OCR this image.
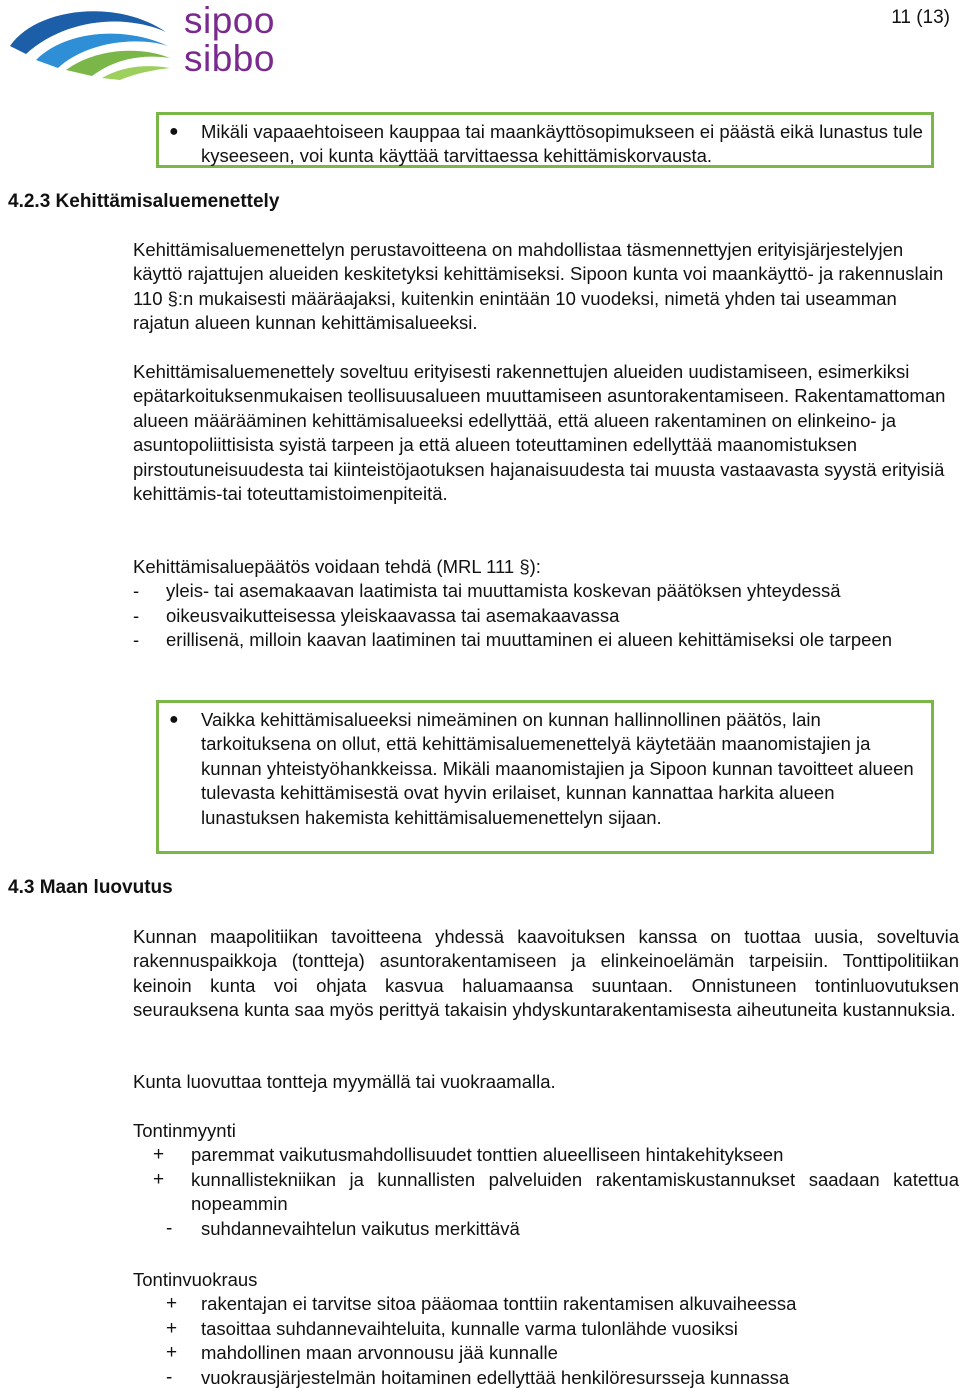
sipoo
sibbo
11 (13)
● Mikäli vapaaehtoiseen kauppaa tai maankäyttösopimukseen ei päästä eikä lunastus tule kyseeseen, voi kunta käyttää tarvittaessa kehittämiskorvausta.
4.2.3 Kehittämisaluemenettely
Kehittämisaluemenettelyn perustavoitteena on mahdollistaa täsmennettyjen erityisjärjestelyjen käyttö rajattujen alueiden keskitetyksi kehittämiseksi. Sipoon kunta voi maankäyttö- ja rakennuslain 110 §:n mukaisesti määräajaksi, kuitenkin enintään 10 vuodeksi, nimetä yhden tai useamman rajatun alueen kunnan kehittämisalueeksi.
Kehittämisaluemenettely soveltuu erityisesti rakennettujen alueiden uudistamiseen, esimerkiksi epätarkoituksenmukaisen teollisuusalueen muuttamiseen asuntorakentamiseen. Rakentamattoman alueen määrääminen kehittämisalueeksi edellyttää, että alueen rakentaminen on elinkeino- ja asuntopoliittisista syistä tarpeen ja että alueen toteuttaminen edellyttää maanomistuksen pirstoutuneisuudesta tai kiinteistöjaotuksen hajanaisuudesta tai muusta vastaavasta syystä erityisiä kehittämis-tai toteuttamistoimenpiteitä.
Kehittämisaluepäätös voidaan tehdä (MRL 111 §):
- yleis- tai asemakaavan laatimista tai muuttamista koskevan päätöksen yhteydessä
- oikeusvaikutteisessa yleiskaavassa tai asemakaavassa
- erillisenä, milloin kaavan laatiminen tai muuttaminen ei alueen kehittämiseksi ole tarpeen
● Vaikka kehittämisalueeksi nimeäminen on kunnan hallinnollinen päätös, lain tarkoituksena on ollut, että kehittämisaluemenettelyä käytetään maanomistajien ja kunnan yhteistyöhankkeissa. Mikäli maanomistajien ja Sipoon kunnan tavoitteet alueen tulevasta kehittämisestä ovat hyvin erilaiset, kunnan kannattaa harkita alueen lunastuksen hakemista kehittämisaluemenettelyn sijaan.
4.3 Maan luovutus
Kunnan maapolitiikan tavoitteena yhdessä kaavoituksen kanssa on tuottaa uusia, soveltuvia rakennuspaikkoja (tontteja) asuntorakentamiseen ja elinkeinoelämän tarpeisiin. Tonttipolitiikan keinoin kunta voi ohjata kasvua haluamaansa suuntaan. Onnistuneen tontinluovutuksen seurauksena kunta saa myös perittyä takaisin yhdyskuntarakentamisesta aiheutuneita kustannuksia.
Kunta luovuttaa tontteja myymällä tai vuokraamalla.
Tontinmyynti
+ paremmat vaikutusmahdollisuudet tonttien alueelliseen hintakehitykseen
+ kunnallistekniikan ja kunnallisten palveluiden rakentamiskustannukset saadaan katettua nopeammin
- suhdannevaihtelun vaikutus merkittävä
Tontinvuokraus
+ rakentajan ei tarvitse sitoa pääomaa tonttiin rakentamisen alkuvaiheessa
+ tasoittaa suhdannevaihteluita, kunnalle varma tulonlähde vuosiksi
+ mahdollinen maan arvonnousu jää kunnalle
- vuokrausjärjestelmän hoitaminen edellyttää henkilöresursseja kunnassa
